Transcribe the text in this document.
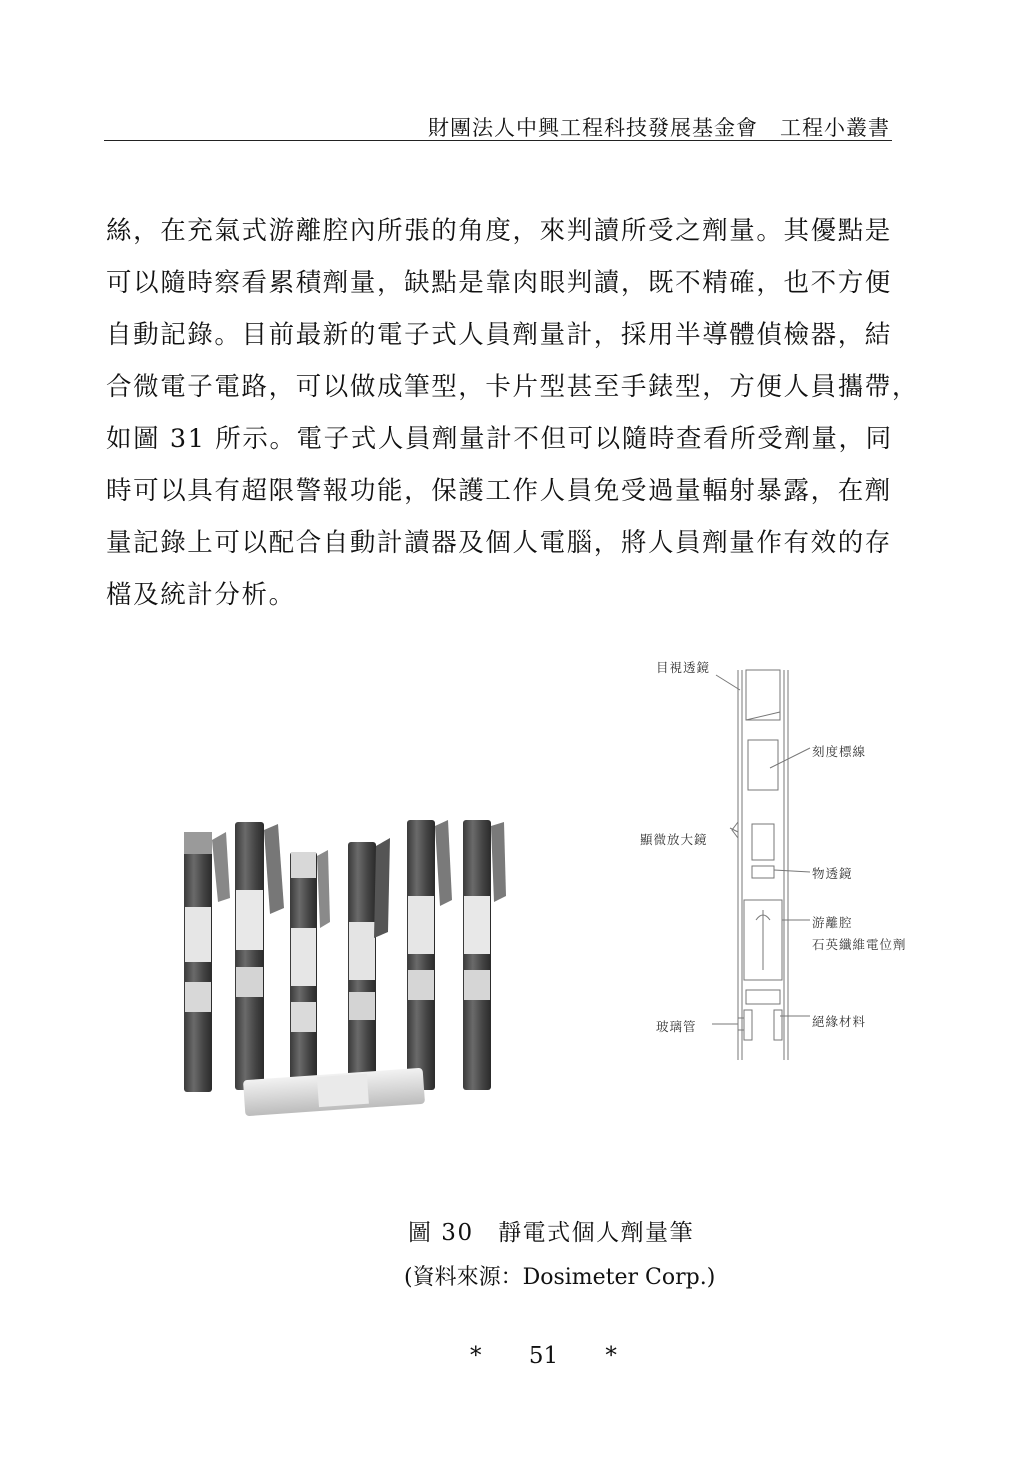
財團法人中興工程科技發展基金會　工程小叢書
絲，在充氣式游離腔內所張的角度，來判讀所受之劑量。其優點是
可以隨時察看累積劑量，缺點是靠肉眼判讀，既不精確，也不方便
自動記錄。目前最新的電子式人員劑量計，採用半導體偵檢器，結
合微電子電路，可以做成筆型，卡片型甚至手錶型，方便人員攜帶，
如圖 31 所示。電子式人員劑量計不但可以隨時查看所受劑量，同
時可以具有超限警報功能，保護工作人員免受過量輻射暴露，在劑
量記錄上可以配合自動計讀器及個人電腦，將人員劑量作有效的存
檔及統計分析。
目視透鏡
刻度標線
顯微放大鏡
物透鏡
游離腔
石英纖維電位劑
玻璃管	絕緣材料
圖 30　靜電式個人劑量筆
(資料來源：Dosimeter Corp.)
* 51 *
